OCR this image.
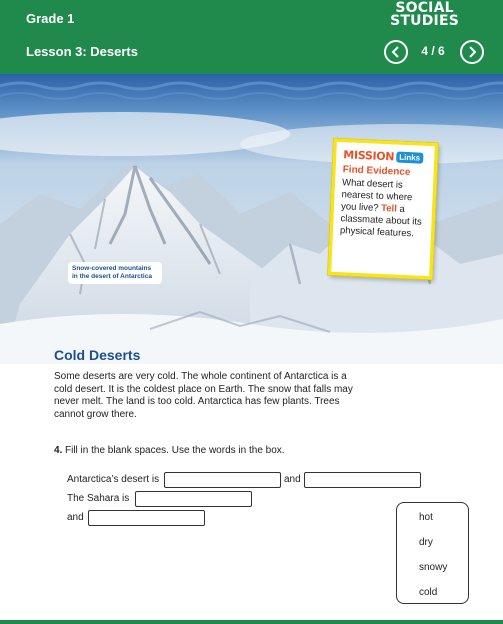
Grade 1
Lesson 3: Deserts
SOCIAL
STUDIES
4 / 6
Snow-covered mountains in the desert of Antarctica
MISSION Links
Find Evidence
What desert is nearest to where you live? Tell a classmate about its physical features.
Cold Deserts
Some deserts are very cold. The whole continent of Antarctica is a cold desert. It is the coldest place on Earth. The snow that falls may never melt. The land is too cold. Antarctica has few plants. Trees cannot grow there.
4. Fill in the blank spaces. Use the words in the box.
Antarctica’s desert is	and
The Sahara is
and	hot
dry
snowy
cold
